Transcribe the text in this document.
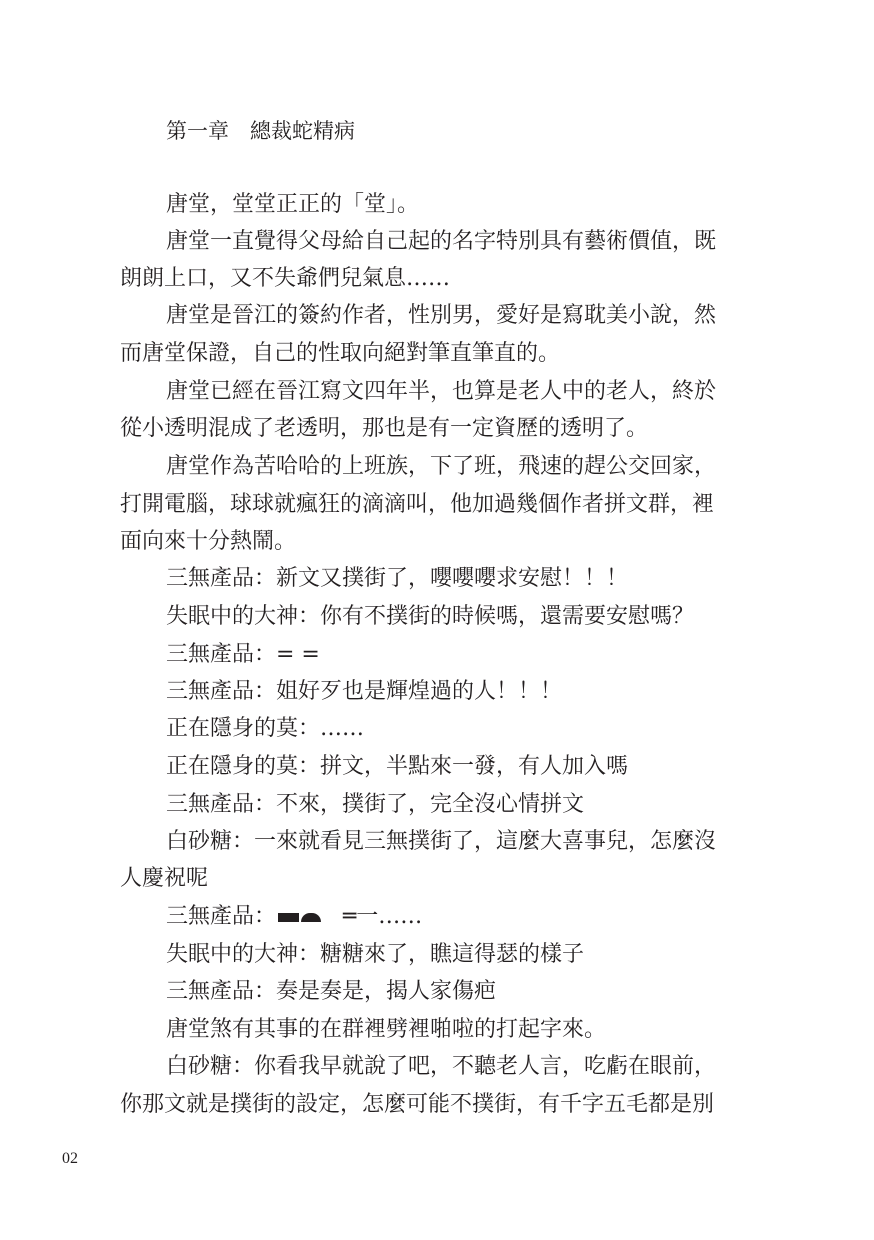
第一章　總裁蛇精病
唐堂，堂堂正正的「堂」。
唐堂一直覺得父母給自己起的名字特別具有藝術價值，既
朗朗上口，又不失爺們兒氣息……
唐堂是晉江的簽約作者，性別男，愛好是寫耽美小說，然
而唐堂保證，自己的性取向絕對筆直筆直的。
唐堂已經在晉江寫文四年半，也算是老人中的老人，終於
從小透明混成了老透明，那也是有一定資歷的透明了。
唐堂作為苦哈哈的上班族，下了班，飛速的趕公交回家，
打開電腦，球球就瘋狂的滴滴叫，他加過幾個作者拼文群，裡
面向來十分熱鬧。
三無產品：新文又撲街了，嚶嚶嚶求安慰！！！
失眠中的大神：你有不撲街的時候嗎，還需要安慰嗎？
三無產品：= =
三無產品：姐好歹也是輝煌過的人！！！
正在隱身的莫：……
正在隱身的莫：拼文，半點來一發，有人加入嗎
三無產品：不來，撲街了，完全沒心情拼文
白砂糖：一來就看見三無撲街了，這麼大喜事兒，怎麼沒
人慶祝呢
三無產品：	═一……
失眠中的大神：糖糖來了，瞧這得瑟的樣子
三無產品：奏是奏是，揭人家傷疤
唐堂煞有其事的在群裡劈裡啪啦的打起字來。
白砂糖：你看我早就說了吧，不聽老人言，吃虧在眼前，
你那文就是撲街的設定，怎麼可能不撲街，有千字五毛都是別
02
